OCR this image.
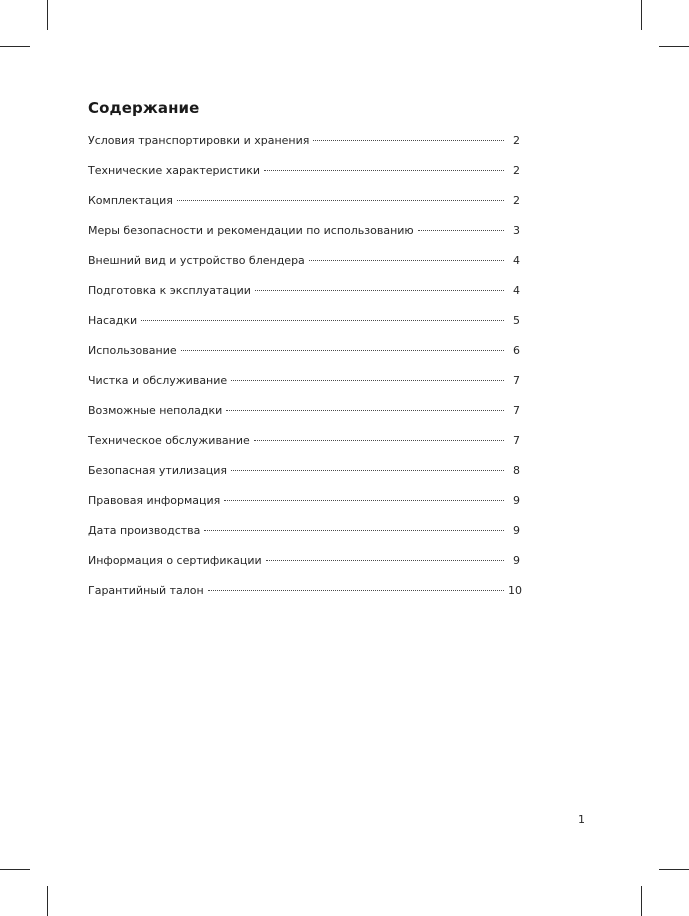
Содержание
Условия транспортировки и хранения	2
Технические характеристики	2
Комплектация	2
Меры безопасности и рекомендации по использованию	3
Внешний вид и устройство блендера	4
Подготовка к эксплуатации	4
Насадки	5
Использование	6
Чистка и обслуживание	7
Возможные неполадки	7
Техническое обслуживание	7
Безопасная утилизация	8
Правовая информация	9
Дата производства	9
Информация о сертификации	9
Гарантийный талон	10
1
